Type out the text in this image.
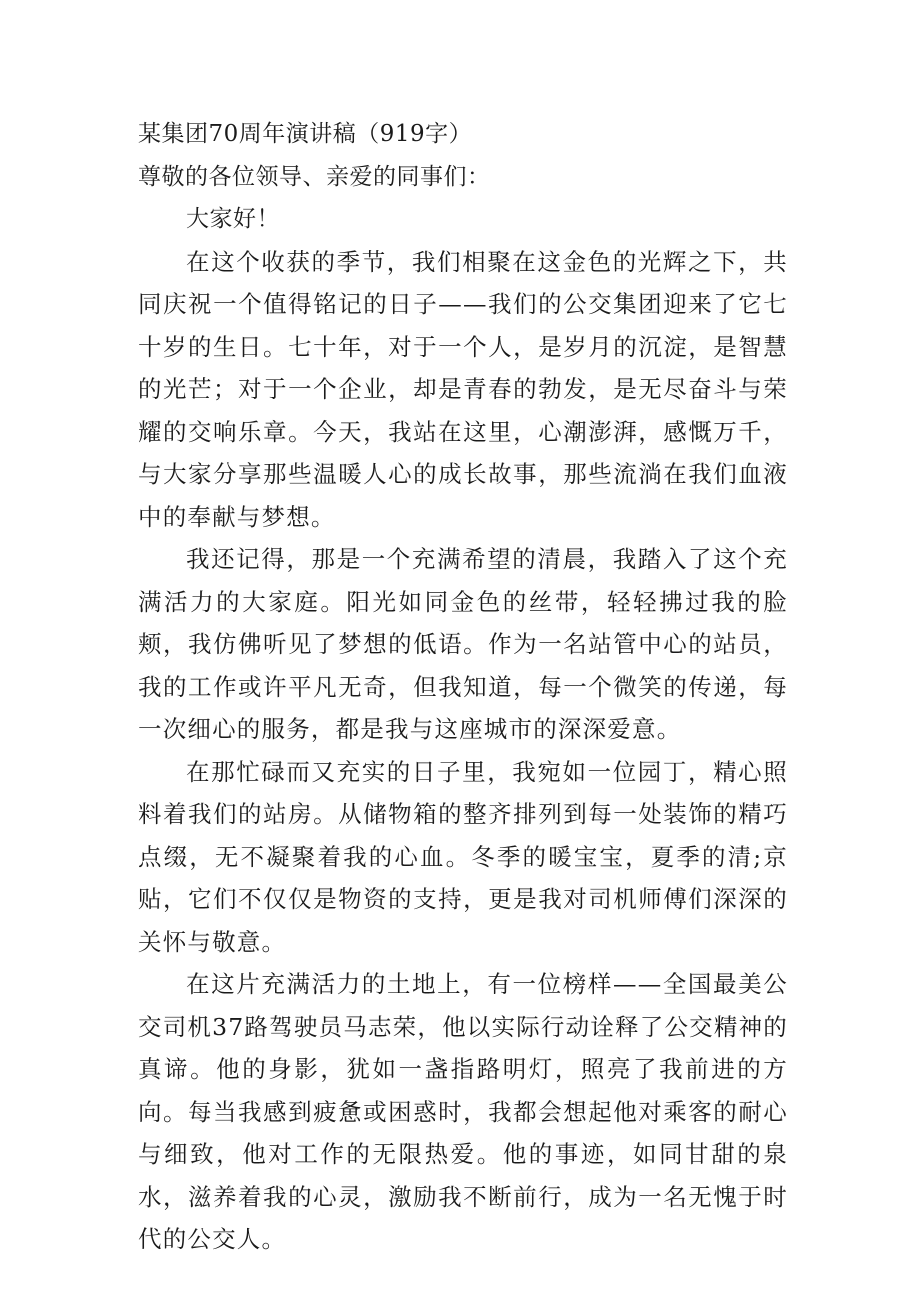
某集团70周年演讲稿（919字）

尊敬的各位领导、亲爱的同事们：

大家好！

在这个收获的季节，我们相聚在这金色的光辉之下，共同庆祝一个值得铭记的日子——我们的公交集团迎来了它七十岁的生日。七十年，对于一个人，是岁月的沉淀，是智慧的光芒；对于一个企业，却是青春的勃发，是无尽奋斗与荣耀的交响乐章。今天，我站在这里，心潮澎湃，感慨万千，与大家分享那些温暖人心的成长故事，那些流淌在我们血液中的奉献与梦想。

我还记得，那是一个充满希望的清晨，我踏入了这个充满活力的大家庭。阳光如同金色的丝带，轻轻拂过我的脸颊，我仿佛听见了梦想的低语。作为一名站管中心的站员，我的工作或许平凡无奇，但我知道，每一个微笑的传递，每一次细心的服务，都是我与这座城市的深深爱意。

在那忙碌而又充实的日子里，我宛如一位园丁，精心照料着我们的站房。从储物箱的整齐排列到每一处装饰的精巧点缀，无不凝聚着我的心血。冬季的暖宝宝，夏季的清;京贴，它们不仅仅是物资的支持，更是我对司机师傅们深深的关怀与敬意。

在这片充满活力的土地上，有一位榜样——全国最美公交司机37路驾驶员马志荣，他以实际行动诠释了公交精神的真谛。他的身影，犹如一盏指路明灯，照亮了我前进的方向。每当我感到疲惫或困惑时，我都会想起他对乘客的耐心与细致，他对工作的无限热爱。他的事迹，如同甘甜的泉水，滋养着我的心灵，激励我不断前行，成为一名无愧于时代的公交人。
